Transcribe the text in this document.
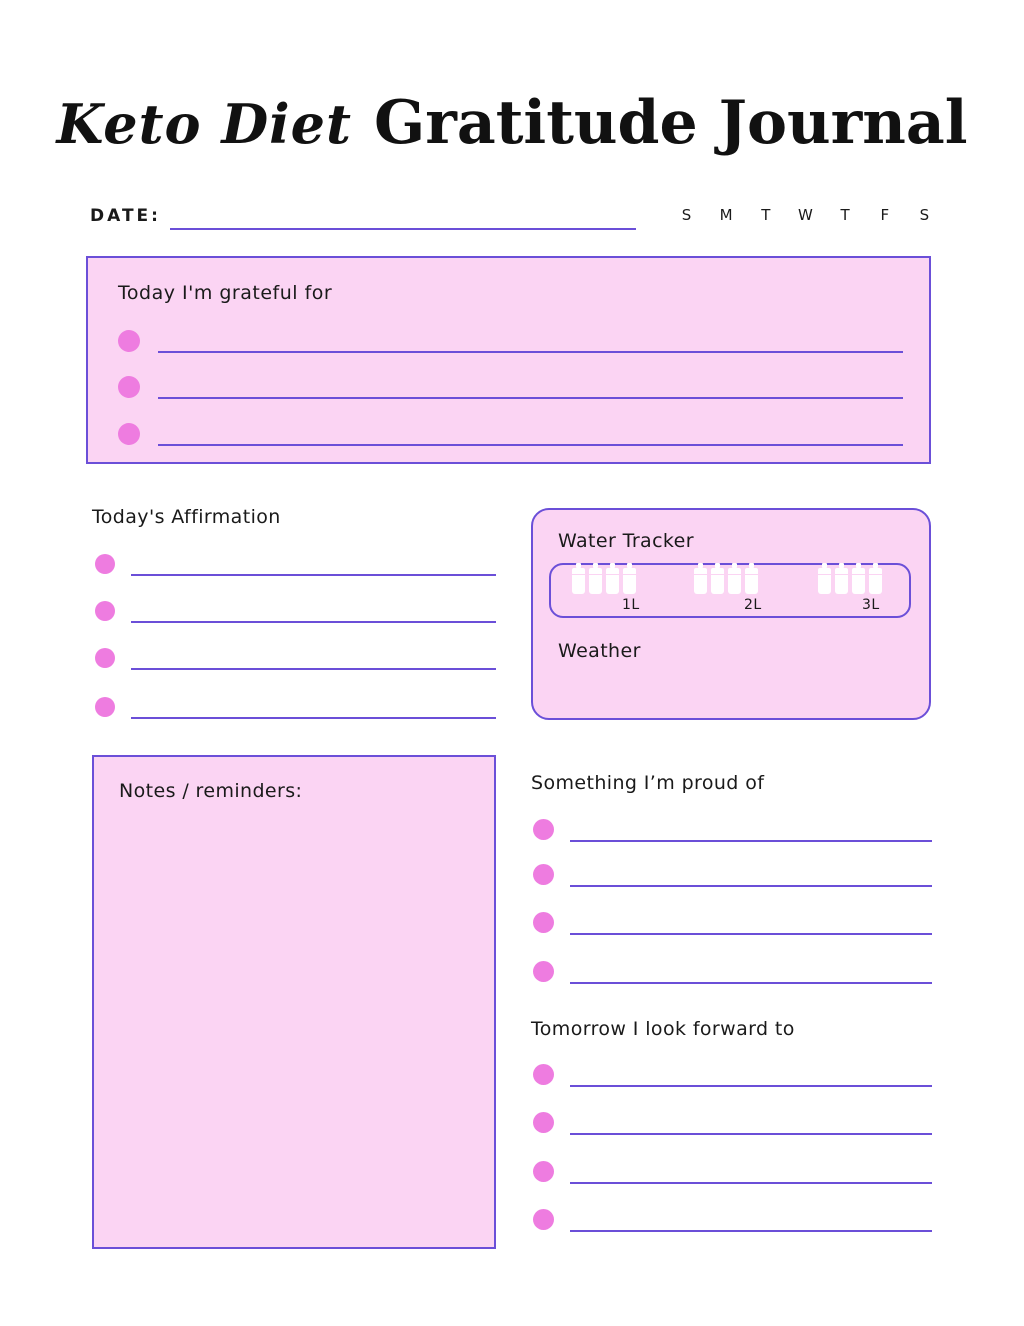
Keto Diet Gratitude Journal
DATE:	S M T W T F S
Today I'm grateful for
Today's Affirmation
Water Tracker
1L	2L	3L
Weather
Notes / reminders:	Something I’m proud of
Tomorrow I look forward to
